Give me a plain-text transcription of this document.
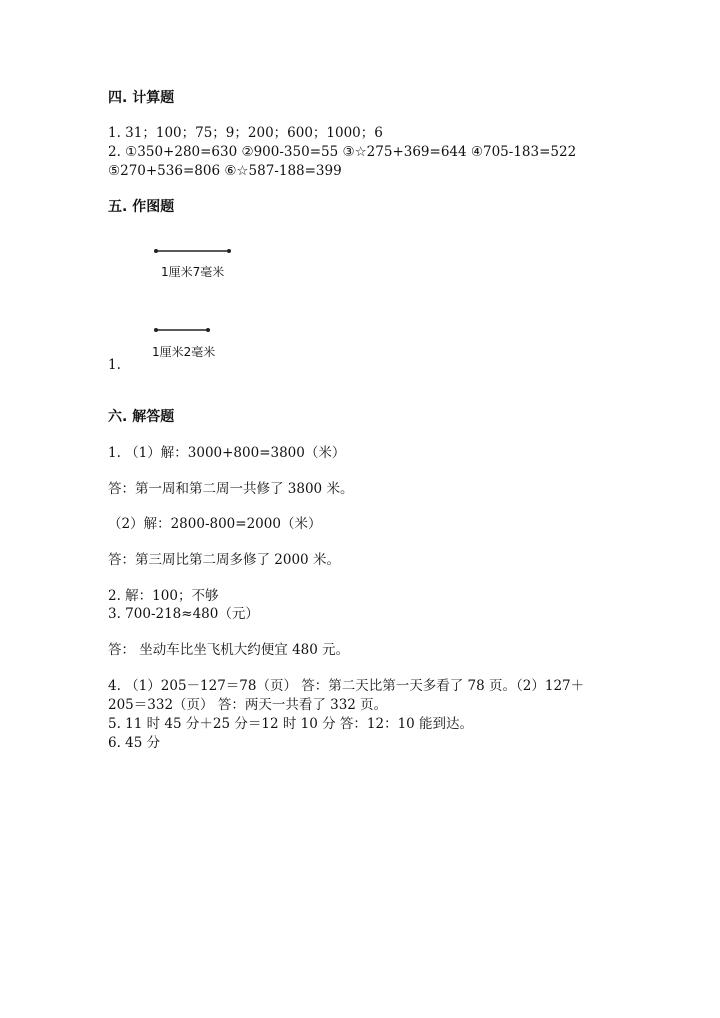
四. 计算题
1. 31；100；75；9；200；600；1000；6
2. ①350+280=630 ②900-350=55 ③☆275+369=644 ④705-183=522
⑤270+536=806 ⑥☆587-188=399
五. 作图题
1厘米7毫米
1厘米2毫米
1.
六. 解答题
1. （1）解：3000+800=3800（米）
答：第一周和第二周一共修了 3800 米。
（2）解：2800-800=2000（米）
答：第三周比第二周多修了 2000 米。
2. 解：100；不够
3. 700-218≈480（元）
答： 坐动车比坐飞机大约便宜 480 元。
4. （1）205－127＝78（页） 答：第二天比第一天多看了 78 页。（2）127＋
205＝332（页） 答：两天一共看了 332 页。
5. 11 时 45 分＋25 分＝12 时 10 分 答：12：10 能到达。
6. 45 分
